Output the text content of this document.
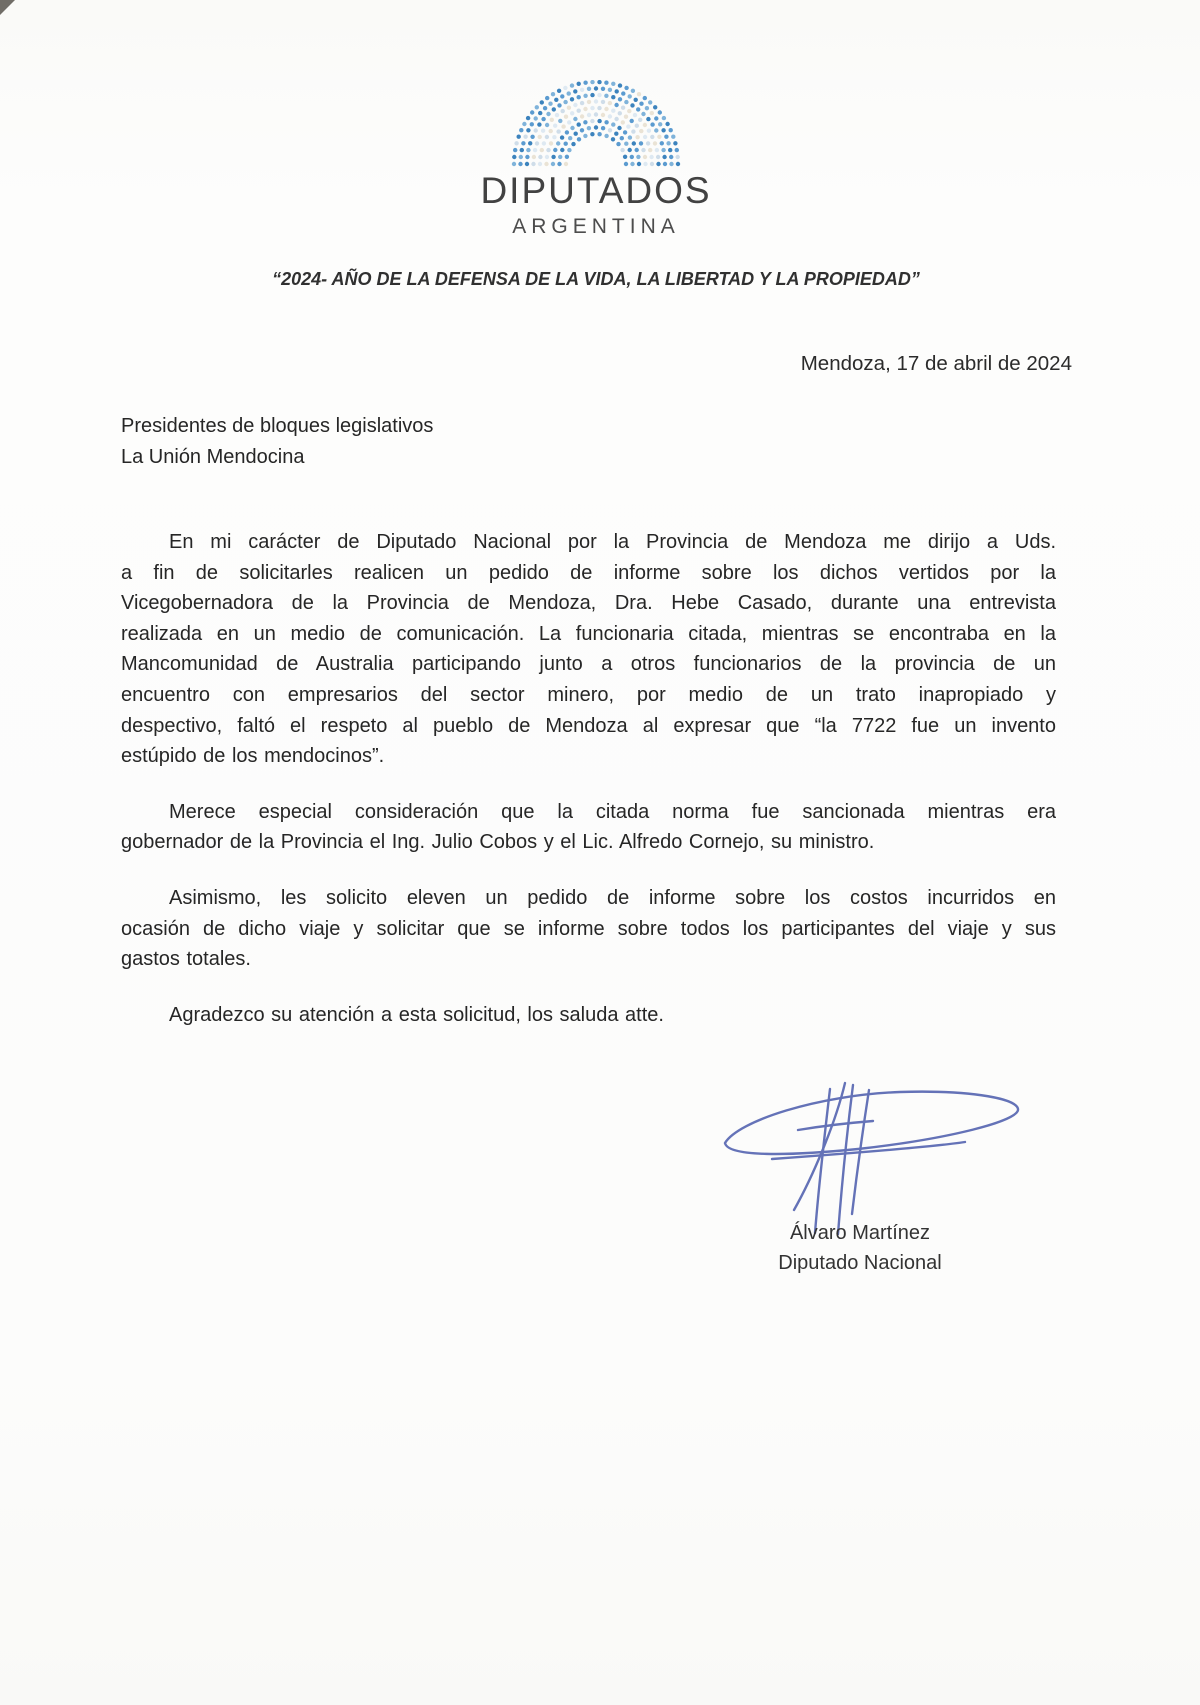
DIPUTADOS
ARGENTINA
“2024- AÑO DE LA DEFENSA DE LA VIDA, LA LIBERTAD Y LA PROPIEDAD”
Mendoza, 17 de abril de 2024
Presidentes de bloques legislativos
La Unión Mendocina

En mi carácter de Diputado Nacional por la Provincia de Mendoza me dirijo a Uds.
a fin de solicitarles realicen un pedido de informe sobre los dichos vertidos por la
Vicegobernadora de la Provincia de Mendoza, Dra. Hebe Casado, durante una entrevista
realizada en un medio de comunicación. La funcionaria citada, mientras se encontraba en la
Mancomunidad de Australia participando junto a otros funcionarios de la provincia de un
encuentro con empresarios del sector minero, por medio de un trato inapropiado y
despectivo, faltó el respeto al pueblo de Mendoza al expresar que “la 7722 fue un invento
estúpido de los mendocinos”.

Merece especial consideración que la citada norma fue sancionada mientras era
gobernador de la Provincia el Ing. Julio Cobos y el Lic. Alfredo Cornejo, su ministro.

Asimismo, les solicito eleven un pedido de informe sobre los costos incurridos en
ocasión de dicho viaje y solicitar que se informe sobre todos los participantes del viaje y sus
gastos totales.

Agradezco su atención a esta solicitud, los saluda atte.

Álvaro Martínez
Diputado Nacional
